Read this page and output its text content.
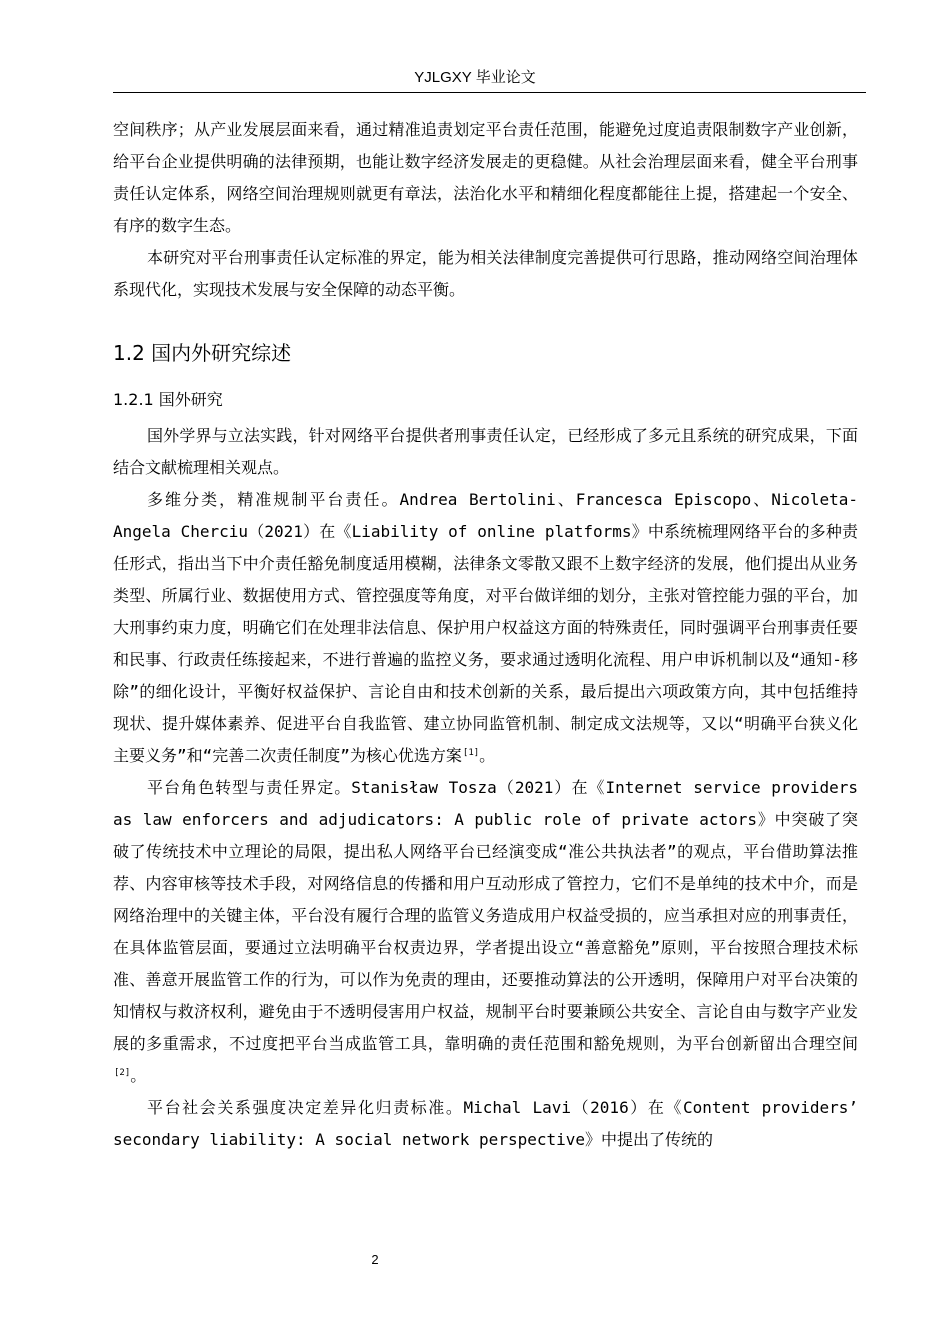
YJLGXY 毕业论文

空间秩序；从产业发展层面来看，通过精准追责划定平台责任范围，能避免过度追责限制数字产业创新，给平台企业提供明确的法律预期，也能让数字经济发展走的更稳健。从社会治理层面来看，健全平台刑事责任认定体系，网络空间治理规则就更有章法，法治化水平和精细化程度都能往上提，搭建起一个安全、有序的数字生态。

本研究对平台刑事责任认定标准的界定，能为相关法律制度完善提供可行思路，推动网络空间治理体系现代化，实现技术发展与安全保障的动态平衡。

1.2 国内外研究综述
1.2.1 国外研究

国外学界与立法实践，针对网络平台提供者刑事责任认定，已经形成了多元且系统的研究成果，下面结合文献梳理相关观点。

多维分类，精准规制平台责任。Andrea Bertolini、Francesca Episcopo、Nicoleta-Angela Cherciu（2021）在《Liability of online platforms》中系统梳理网络平台的多种责任形式，指出当下中介责任豁免制度适用模糊，法律条文零散又跟不上数字经济的发展，他们提出从业务类型、所属行业、数据使用方式、管控强度等角度，对平台做详细的划分，主张对管控能力强的平台，加大刑事约束力度，明确它们在处理非法信息、保护用户权益这方面的特殊责任，同时强调平台刑事责任要和民事、行政责任练接起来，不进行普遍的监控义务，要求通过透明化流程、用户申诉机制以及“通知-移除”的细化设计，平衡好权益保护、言论自由和技术创新的关系，最后提出六项政策方向，其中包括维持现状、提升媒体素养、促进平台自我监管、建立协同监管机制、制定成文法规等，又以“明确平台狭义化主要义务”和“完善二次责任制度”为核心优选方案[1]。

平台角色转型与责任界定。Stanisław Tosza（2021）在《Internet service providers as law enforcers and adjudicators: A public role of private actors》中突破了突破了传统技术中立理论的局限，提出私人网络平台已经演变成“准公共执法者”的观点，平台借助算法推荐、内容审核等技术手段，对网络信息的传播和用户互动形成了管控力，它们不是单纯的技术中介，而是网络治理中的关键主体，平台没有履行合理的监管义务造成用户权益受损的，应当承担对应的刑事责任，在具体监管层面，要通过立法明确平台权责边界，学者提出设立“善意豁免”原则，平台按照合理技术标准、善意开展监管工作的行为，可以作为免责的理由，还要推动算法的公开透明，保障用户对平台决策的知情权与救济权利，避免由于不透明侵害用户权益，规制平台时要兼顾公共安全、言论自由与数字产业发展的多重需求，不过度把平台当成监管工具，靠明确的责任范围和豁免规则，为平台创新留出合理空间[2]。

平台社会关系强度决定差异化归责标准。Michal Lavi（2016）在《Content providers’ secondary liability: A social network perspective》中提出了传统的

2
